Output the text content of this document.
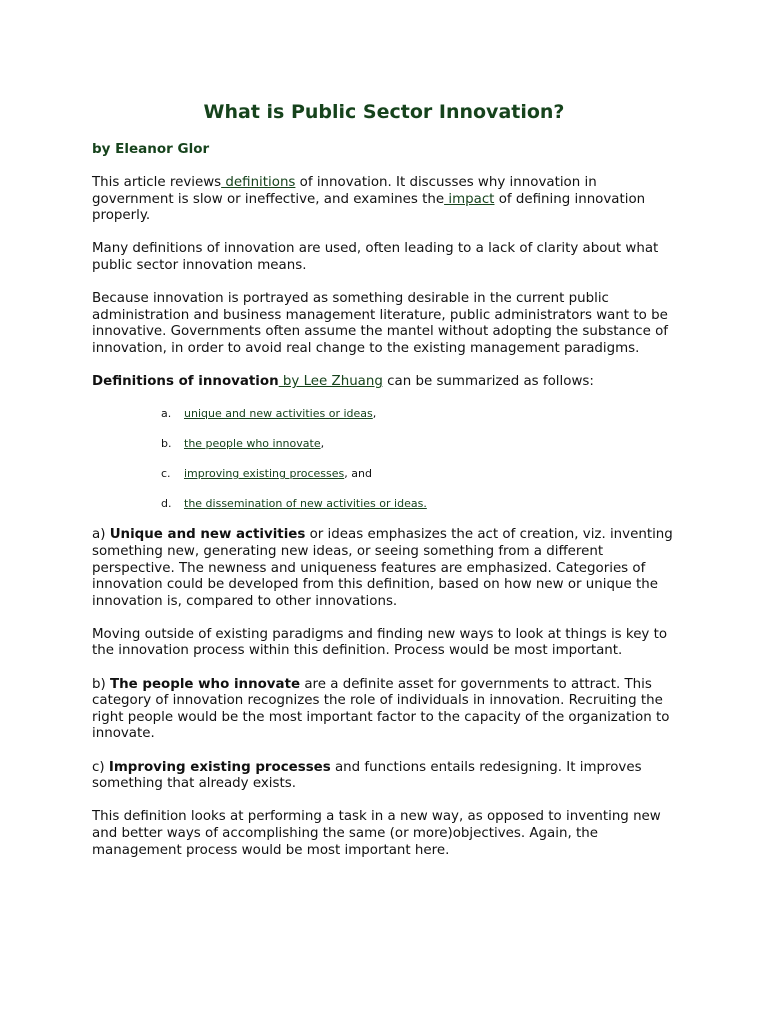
What is Public Sector Innovation?

by Eleanor Glor

This article reviews definitions of innovation. It discusses why innovation in government is slow or ineffective, and examines the impact of defining innovation properly.

Many definitions of innovation are used, often leading to a lack of clarity about what public sector innovation means.

Because innovation is portrayed as something desirable in the current public administration and business management literature, public administrators want to be innovative. Governments often assume the mantel without adopting the substance of innovation, in order to avoid real change to the existing management paradigms.

Definitions of innovation by Lee Zhuang can be summarized as follows:

a. unique and new activities or ideas,
b. the people who innovate,
c. improving existing processes, and
d. the dissemination of new activities or ideas.

a) Unique and new activities or ideas emphasizes the act of creation, viz. inventing something new, generating new ideas, or seeing something from a different perspective. The newness and uniqueness features are emphasized. Categories of innovation could be developed from this definition, based on how new or unique the innovation is, compared to other innovations.

Moving outside of existing paradigms and finding new ways to look at things is key to the innovation process within this definition. Process would be most important.

b) The people who innovate are a definite asset for governments to attract. This category of innovation recognizes the role of individuals in innovation. Recruiting the right people would be the most important factor to the capacity of the organization to innovate.

c) Improving existing processes and functions entails redesigning. It improves something that already exists.

This definition looks at performing a task in a new way, as opposed to inventing new and better ways of accomplishing the same (or more)objectives. Again, the management process would be most important here.
